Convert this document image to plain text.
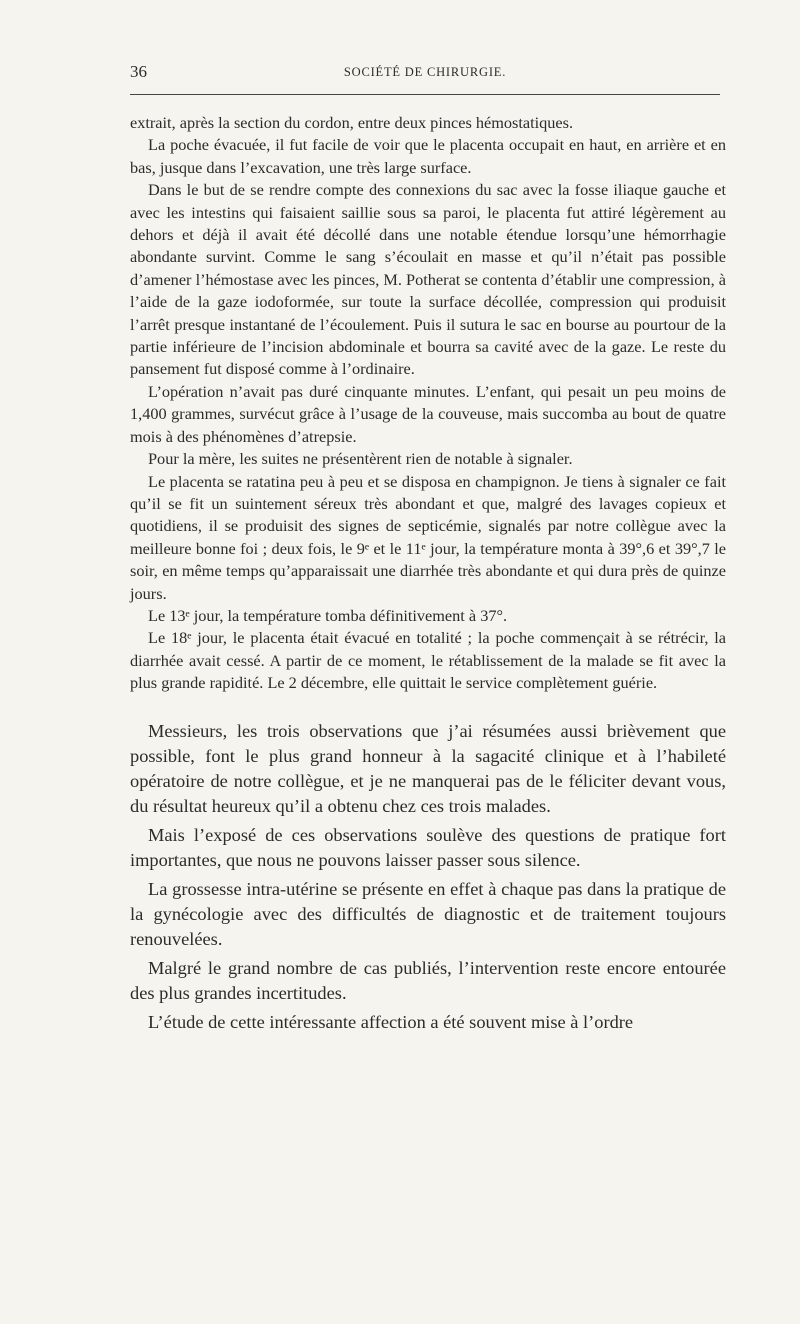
36	SOCIÉTÉ DE CHIRURGIE.

extrait, après la section du cordon, entre deux pinces hémostatiques.

La poche évacuée, il fut facile de voir que le placenta occupait en haut, en arrière et en bas, jusque dans l’excavation, une très large surface.

Dans le but de se rendre compte des connexions du sac avec la fosse iliaque gauche et avec les intestins qui faisaient saillie sous sa paroi, le placenta fut attiré légèrement au dehors et déjà il avait été décollé dans une notable étendue lorsqu’une hémorrhagie abondante survint. Comme le sang s’écoulait en masse et qu’il n’était pas possible d’amener l’hémostase avec les pinces, M. Potherat se contenta d’établir une compression, à l’aide de la gaze iodoformée, sur toute la surface décollée, compression qui produisit l’arrêt presque instantané de l’écoulement. Puis il sutura le sac en bourse au pourtour de la partie inférieure de l’incision abdominale et bourra sa cavité avec de la gaze. Le reste du pansement fut disposé comme à l’ordinaire.

L’opération n’avait pas duré cinquante minutes. L’enfant, qui pesait un peu moins de 1,400 grammes, survécut grâce à l’usage de la couveuse, mais succomba au bout de quatre mois à des phénomènes d’atrepsie.

Pour la mère, les suites ne présentèrent rien de notable à signaler.

Le placenta se ratatina peu à peu et se disposa en champignon. Je tiens à signaler ce fait qu’il se fit un suintement séreux très abondant et que, malgré des lavages copieux et quotidiens, il se produisit des signes de septicémie, signalés par notre collègue avec la meilleure bonne foi ; deux fois, le 9ᵉ et le 11ᵉ jour, la température monta à 39°,6 et 39°,7 le soir, en même temps qu’apparaissait une diarrhée très abondante et qui dura près de quinze jours.

Le 13ᵉ jour, la température tomba définitivement à 37°.

Le 18ᵉ jour, le placenta était évacué en totalité ; la poche commençait à se rétrécir, la diarrhée avait cessé. A partir de ce moment, le rétablissement de la malade se fit avec la plus grande rapidité. Le 2 décembre, elle quittait le service complètement guérie.

Messieurs, les trois observations que j’ai résumées aussi brièvement que possible, font le plus grand honneur à la sagacité clinique et à l’habileté opératoire de notre collègue, et je ne manquerai pas de le féliciter devant vous, du résultat heureux qu’il a obtenu chez ces trois malades.

Mais l’exposé de ces observations soulève des questions de pratique fort importantes, que nous ne pouvons laisser passer sous silence.

La grossesse intra-utérine se présente en effet à chaque pas dans la pratique de la gynécologie avec des difficultés de diagnostic et de traitement toujours renouvelées.

Malgré le grand nombre de cas publiés, l’intervention reste encore entourée des plus grandes incertitudes.

L’étude de cette intéressante affection a été souvent mise à l’ordre
